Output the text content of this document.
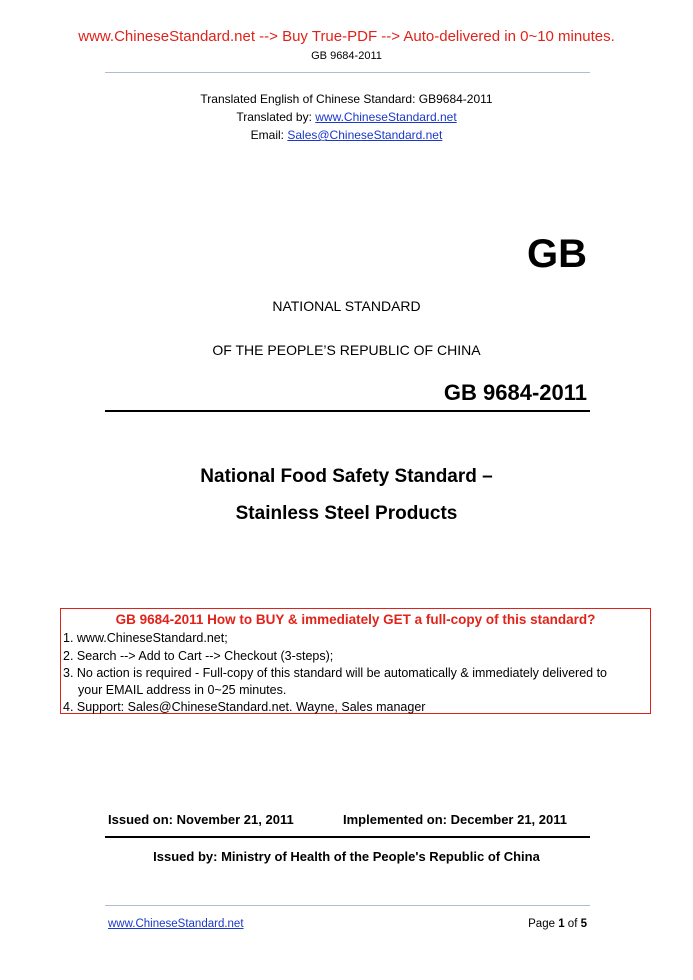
www.ChineseStandard.net --> Buy True-PDF --> Auto-delivered in 0~10 minutes.
GB 9684-2011
Translated English of Chinese Standard: GB9684-2011
Translated by: www.ChineseStandard.net
Email: Sales@ChineseStandard.net
GB
NATIONAL STANDARD
OF THE PEOPLE’S REPUBLIC OF CHINA
GB 9684-2011
National Food Safety Standard –
Stainless Steel Products
GB 9684-2011 How to BUY & immediately GET a full-copy of this standard?
1. www.ChineseStandard.net;
2. Search --> Add to Cart --> Checkout (3-steps);
3. No action is required - Full-copy of this standard will be automatically & immediately delivered to
your EMAIL address in 0~25 minutes.
4. Support: Sales@ChineseStandard.net. Wayne, Sales manager
Issued on: November 21, 2011	Implemented on: December 21, 2011
Issued by: Ministry of Health of the People's Republic of China
www.ChineseStandard.net	Page 1 of 5
